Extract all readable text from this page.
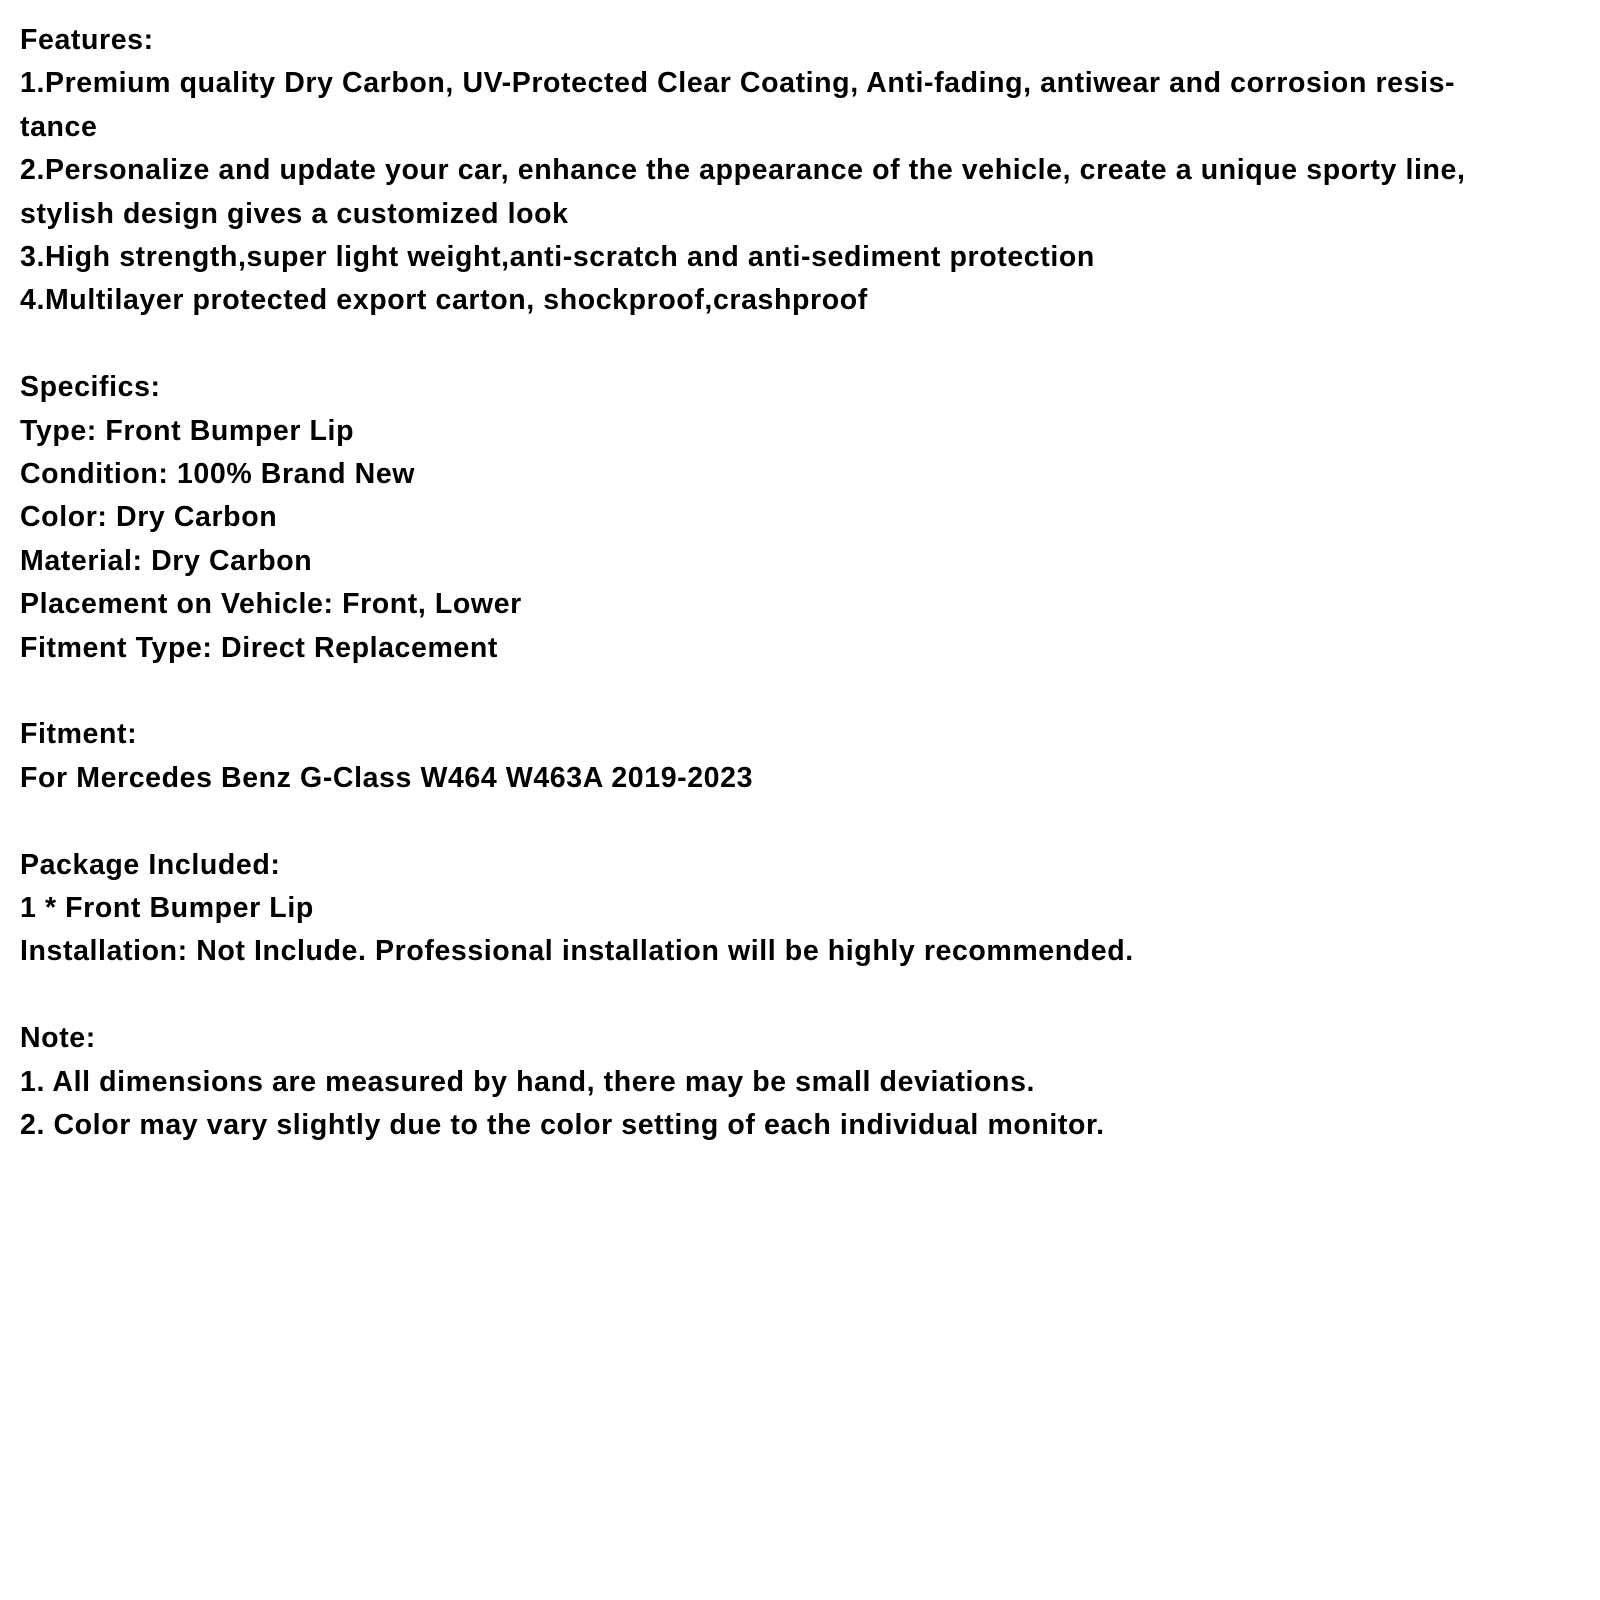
Features:
1.Premium quality Dry Carbon, UV-Protected Clear Coating, Anti-fading, antiwear and corrosion resis-
tance
2.Personalize and update your car, enhance the appearance of the vehicle, create a unique sporty line,
stylish design gives a customized look
3.High strength,super light weight,anti-scratch and anti-sediment protection
4.Multilayer protected export carton, shockproof,crashproof
Specifics:
Type: Front Bumper Lip
Condition: 100% Brand New
Color: Dry Carbon
Material: Dry Carbon
Placement on Vehicle: Front, Lower
Fitment Type: Direct Replacement
Fitment:
For Mercedes Benz G-Class W464 W463A 2019-2023
Package Included:
1 * Front Bumper Lip
Installation: Not Include. Professional installation will be highly recommended.
Note:
1. All dimensions are measured by hand, there may be small deviations.
2. Color may vary slightly due to the color setting of each individual monitor.
